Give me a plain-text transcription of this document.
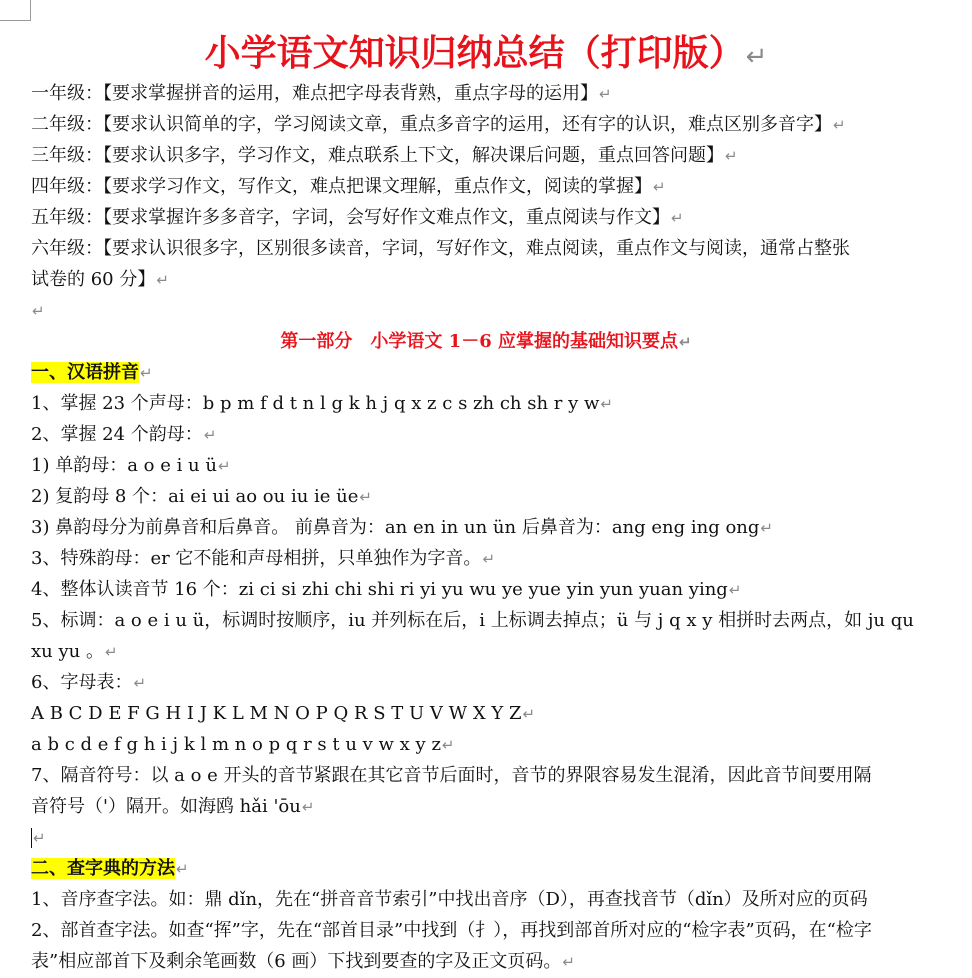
小学语文知识归纳总结（打印版）↵
一年级：【要求掌握拼音的运用，难点把字母表背熟，重点字母的运用】↵
二年级：【要求认识简单的字，学习阅读文章，重点多音字的运用，还有字的认识，难点区别多音字】↵
三年级：【要求认识多字，学习作文，难点联系上下文，解决课后问题，重点回答问题】↵
四年级：【要求学习作文，写作文，难点把课文理解，重点作文，阅读的掌握】↵
五年级：【要求掌握许多多音字，字词，会写好作文难点作文，重点阅读与作文】↵
六年级：【要求认识很多字，区别很多读音，字词，写好作文，难点阅读，重点作文与阅读，通常占整张
试卷的 60 分】↵
↵
第一部分　小学语文 1－6 应掌握的基础知识要点↵
一、汉语拼音↵
1、掌握 23 个声母：b p m f d t n l g k h j q x z c s zh ch sh r y w↵
2、掌握 24 个韵母：↵
1) 单韵母：a o e i u ü↵
2) 复韵母 8 个：ai ei ui ao ou iu ie üe↵
3) 鼻韵母分为前鼻音和后鼻音。 前鼻音为：an en in un ün 后鼻音为：ang eng ing ong↵
3、特殊韵母：er 它不能和声母相拼，只单独作为字音。↵
4、整体认读音节 16 个：zi ci si zhi chi shi ri yi yu wu ye yue yin yun yuan ying↵
5、标调：a o e i u ü，标调时按顺序，iu 并列标在后，i 上标调去掉点；ü 与 j q x y 相拼时去两点，如 ju qu
xu yu 。↵
6、字母表：↵
A B C D E F G H I J K L M N O P Q R S T U V W X Y Z↵
a b c d e f g h i j k l m n o p q r s t u v w x y z↵
7、隔音符号：以 a o e 开头的音节紧跟在其它音节后面时，音节的界限容易发生混淆，因此音节间要用隔
音符号（'）隔开。如海鸥 hǎi 'ōu↵
↵
二、查字典的方法↵
1、音序查字法。如：鼎 dǐn，先在“拼音音节索引”中找出音序（D），再查找音节（dǐn）及所对应的页码
2、部首查字法。如查“挥”字，先在“部首目录”中找到（扌），再找到部首所对应的“检字表”页码，在“检字
表”相应部首下及剩余笔画数（6 画）下找到要查的字及正文页码。↵
